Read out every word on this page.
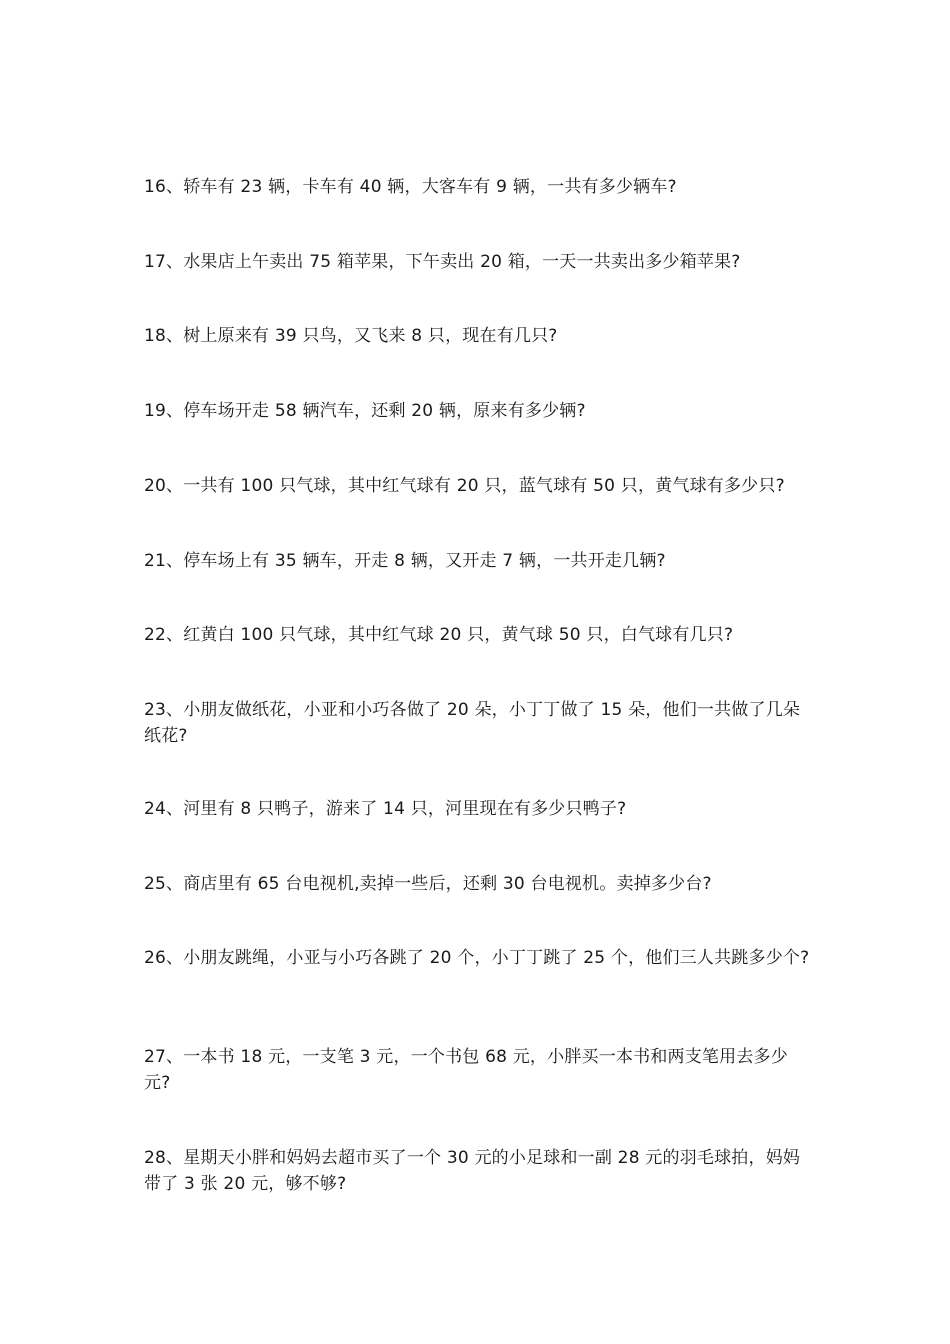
16、轿车有 23 辆，卡车有 40 辆，大客车有 9 辆，一共有多少辆车?
17、水果店上午卖出 75 箱苹果，下午卖出 20 箱，一天一共卖出多少箱苹果?
18、树上原来有 39 只鸟，又飞来 8 只，现在有几只?
19、停车场开走 58 辆汽车，还剩 20 辆，原来有多少辆?
20、一共有 100 只气球，其中红气球有 20 只，蓝气球有 50 只，黄气球有多少只?
21、停车场上有 35 辆车，开走 8 辆，又开走 7 辆，一共开走几辆?
22、红黄白 100 只气球，其中红气球 20 只，黄气球 50 只，白气球有几只?
23、小朋友做纸花，小亚和小巧各做了 20 朵，小丁丁做了 15 朵，他们一共做了几朵纸花?
24、河里有 8 只鸭子，游来了 14 只，河里现在有多少只鸭子?
25、商店里有 65 台电视机,卖掉一些后，还剩 30 台电视机。卖掉多少台?
26、小朋友跳绳，小亚与小巧各跳了 20 个，小丁丁跳了 25 个，他们三人共跳多少个?
27、一本书 18 元，一支笔 3 元，一个书包 68 元，小胖买一本书和两支笔用去多少元?
28、星期天小胖和妈妈去超市买了一个 30 元的小足球和一副 28 元的羽毛球拍，妈妈带了 3 张 20 元，够不够?
